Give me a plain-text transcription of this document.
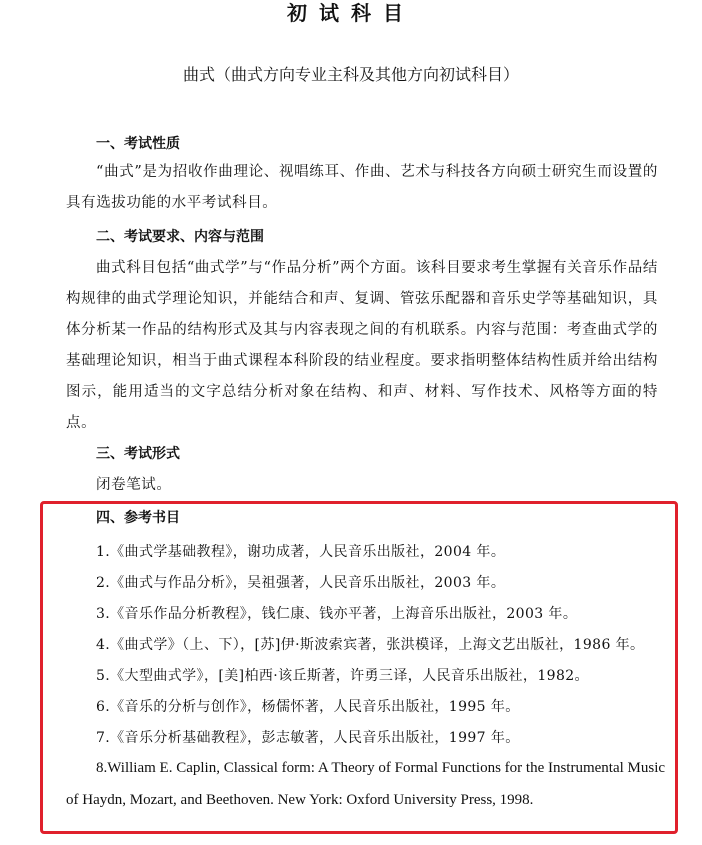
初试科目
曲式（曲式方向专业主科及其他方向初试科目）
一、考试性质
“曲式”是为招收作曲理论、视唱练耳、作曲、艺术与科技各方向硕士研究生而设置的具有选拔功能的水平考试科目。
二、考试要求、内容与范围
曲式科目包括“曲式学”与“作品分析”两个方面。该科目要求考生掌握有关音乐作品结构规律的曲式学理论知识，并能结合和声、复调、管弦乐配器和音乐史学等基础知识，具体分析某一作品的结构形式及其与内容表现之间的有机联系。内容与范围：考查曲式学的基础理论知识，相当于曲式课程本科阶段的结业程度。要求指明整体结构性质并给出结构图示，能用适当的文字总结分析对象在结构、和声、材料、写作技术、风格等方面的特点。
三、考试形式
闭卷笔试。
四、参考书目
1.《曲式学基础教程》，谢功成著，人民音乐出版社，2004 年。
2.《曲式与作品分析》，吴祖强著，人民音乐出版社，2003 年。
3.《音乐作品分析教程》，钱仁康、钱亦平著，上海音乐出版社，2003 年。
4.《曲式学》（上、下），[苏]伊·斯波索宾著，张洪模译，上海文艺出版社，1986 年。
5.《大型曲式学》，[美]柏西·该丘斯著，许勇三译，人民音乐出版社，1982。
6.《音乐的分析与创作》，杨儒怀著，人民音乐出版社，1995 年。
7.《音乐分析基础教程》，彭志敏著，人民音乐出版社，1997 年。
8.William E. Caplin, Classical form: A Theory of Formal Functions for the Instrumental Music of Haydn, Mozart, and Beethoven. New York: Oxford University Press, 1998.
